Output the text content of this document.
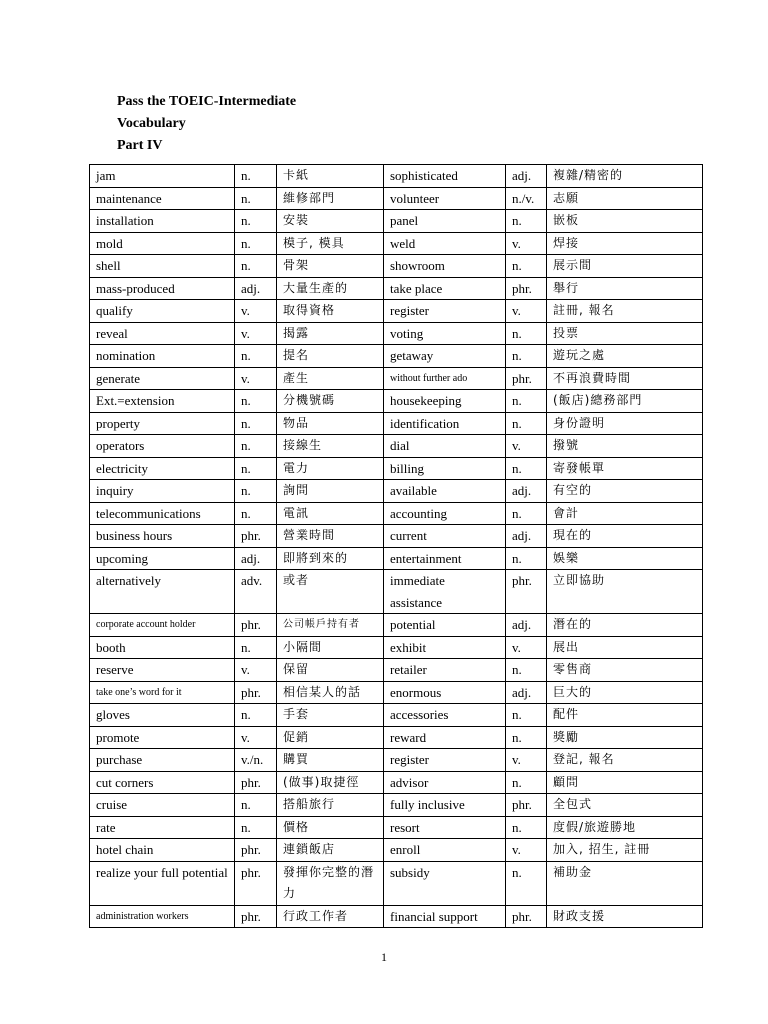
Pass the TOEIC-Intermediate
Vocabulary
Part IV
jam	n.	卡紙	sophisticated	adj.	複雜/精密的
maintenance	n.	維修部門	volunteer	n./v.	志願
installation	n.	安裝	panel	n.	嵌板
mold	n.	模子, 模具	weld	v.	焊接
shell	n.	骨架	showroom	n.	展示間
mass-produced	adj.	大量生產的	take place	phr.	舉行
qualify	v.	取得資格	register	v.	註冊, 報名
reveal	v.	揭露	voting	n.	投票
nomination	n.	提名	getaway	n.	遊玩之處
generate	v.	產生	without further ado	phr.	不再浪費時間
Ext.=extension	n.	分機號碼	housekeeping	n.	(飯店)總務部門
property	n.	物品	identification	n.	身份證明
operators	n.	接線生	dial	v.	撥號
electricity	n.	電力	billing	n.	寄發帳單
inquiry	n.	詢問	available	adj.	有空的
telecommunications	n.	電訊	accounting	n.	會計
business hours	phr.	營業時間	current	adj.	現在的
upcoming	adj.	即將到來的	entertainment	n.	娛樂
alternatively	adv.	或者	immediate assistance	phr.	立即協助
corporate account holder	phr.	公司帳戶持有者	potential	adj.	潛在的
booth	n.	小隔間	exhibit	v.	展出
reserve	v.	保留	retailer	n.	零售商
take one’s word for it	phr.	相信某人的話	enormous	adj.	巨大的
gloves	n.	手套	accessories	n.	配件
promote	v.	促銷	reward	n.	獎勵
purchase	v./n.	購買	register	v.	登記, 報名
cut corners	phr.	(做事)取捷徑	advisor	n.	顧問
cruise	n.	搭船旅行	fully inclusive	phr.	全包式
rate	n.	價格	resort	n.	度假/旅遊勝地
hotel chain	phr.	連鎖飯店	enroll	v.	加入, 招生, 註冊
realize your full potential	phr.	發揮你完整的潛力	subsidy	n.	補助金
administration workers	phr.	行政工作者	financial support	phr.	財政支援
1
